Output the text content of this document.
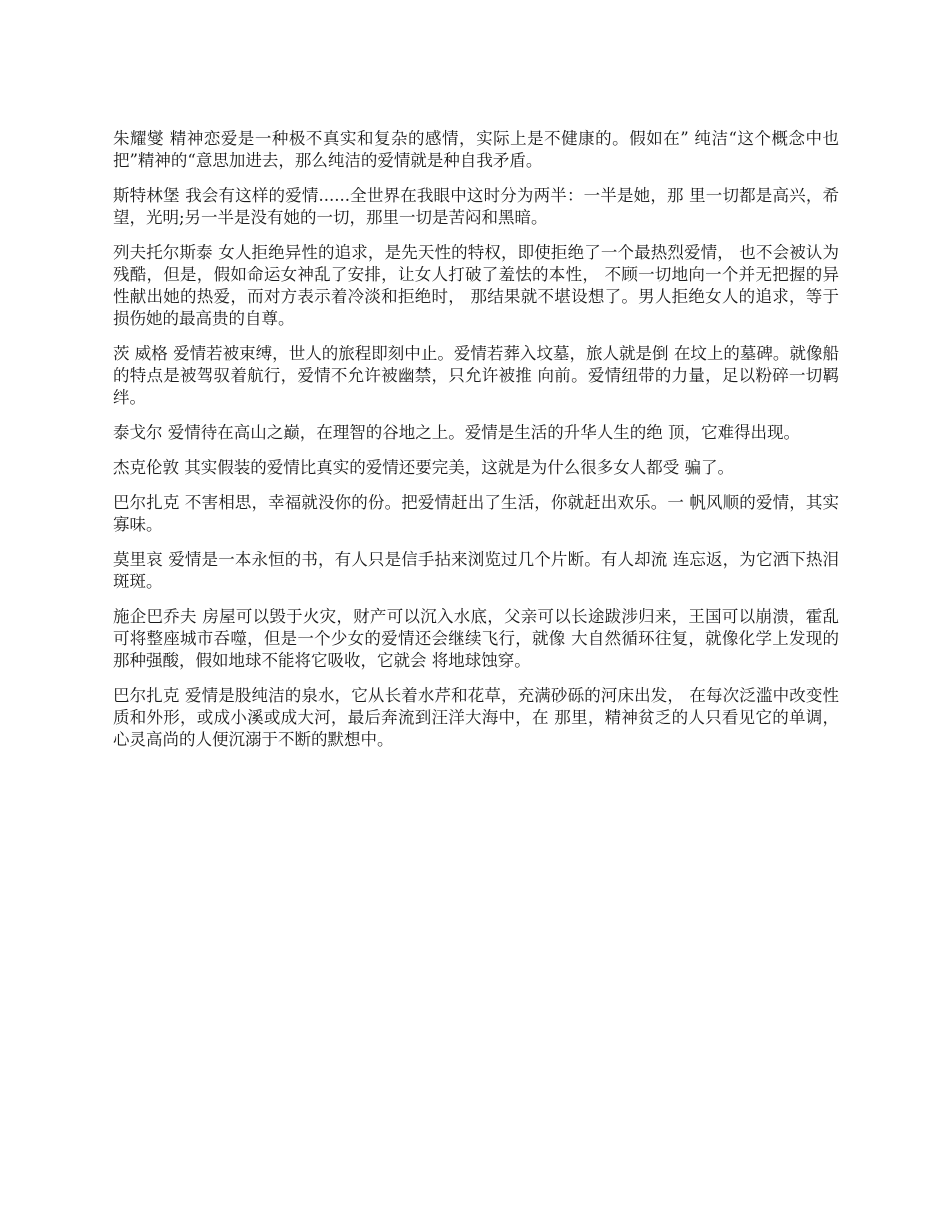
朱耀燮 精神恋爱是一种极不真实和复杂的感情，实际上是不健康的。假如在” 纯洁“这个概念中也把”精神的“意思加进去，那么纯洁的爱情就是种自我矛盾。

斯特林堡 我会有这样的爱情......全世界在我眼中这时分为两半：一半是她，那 里一切都是高兴，希望，光明;另一半是没有她的一切，那里一切是苦闷和黑暗。

列夫托尔斯泰 女人拒绝异性的追求，是先天性的特权，即使拒绝了一个最热烈爱情， 也不会被认为残酷，但是，假如命运女神乱了安排，让女人打破了羞怯的本性， 不顾一切地向一个并无把握的异性献出她的热爱，而对方表示着冷淡和拒绝时， 那结果就不堪设想了。男人拒绝女人的追求，等于损伤她的最高贵的自尊。

茨 威格 爱情若被束缚，世人的旅程即刻中止。爱情若葬入坟墓，旅人就是倒 在坟上的墓碑。就像船的特点是被驾驭着航行，爱情不允许被幽禁，只允许被推 向前。爱情纽带的力量，足以粉碎一切羁绊。

泰戈尔 爱情待在高山之巅，在理智的谷地之上。爱情是生活的升华人生的绝 顶，它难得出现。

杰克伦敦 其实假装的爱情比真实的爱情还要完美，这就是为什么很多女人都受 骗了。

巴尔扎克 不害相思，幸福就没你的份。把爱情赶出了生活，你就赶出欢乐。一 帆风顺的爱情，其实寡味。

莫里哀 爱情是一本永恒的书，有人只是信手拈来浏览过几个片断。有人却流 连忘返，为它洒下热泪斑斑。

施企巴乔夫 房屋可以毁于火灾，财产可以沉入水底，父亲可以长途跋涉归来，王国可以崩溃，霍乱可将整座城市吞噬，但是一个少女的爱情还会继续飞行，就像 大自然循环往复，就像化学上发现的那种强酸，假如地球不能将它吸收，它就会 将地球蚀穿。

巴尔扎克 爱情是股纯洁的泉水，它从长着水芹和花草，充满砂砾的河床出发， 在每次泛滥中改变性质和外形，或成小溪或成大河，最后奔流到汪洋大海中，在 那里，精神贫乏的人只看见它的单调，心灵高尚的人便沉溺于不断的默想中。
